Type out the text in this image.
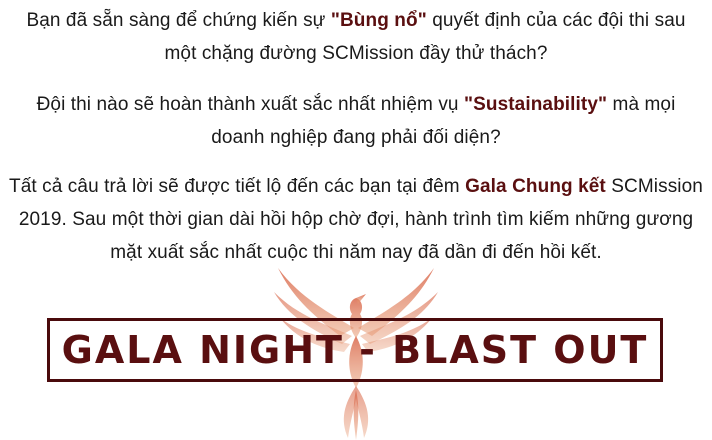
Bạn đã sẵn sàng để chứng kiến sự "Bùng nổ" quyết định của các đội thi sau
một chặng đường SCMission đầy thử thách?
Đội thi nào sẽ hoàn thành xuất sắc nhất nhiệm vụ "Sustainability" mà mọi
doanh nghiệp đang phải đối diện?
Tất cả câu trả lời sẽ được tiết lộ đến các bạn tại đêm Gala Chung kết SCMission
2019. Sau một thời gian dài hồi hộp chờ đợi, hành trình tìm kiếm những gương
mặt xuất sắc nhất cuộc thi năm nay đã dần đi đến hồi kết.
GALA NIGHT - BLAST OUT
